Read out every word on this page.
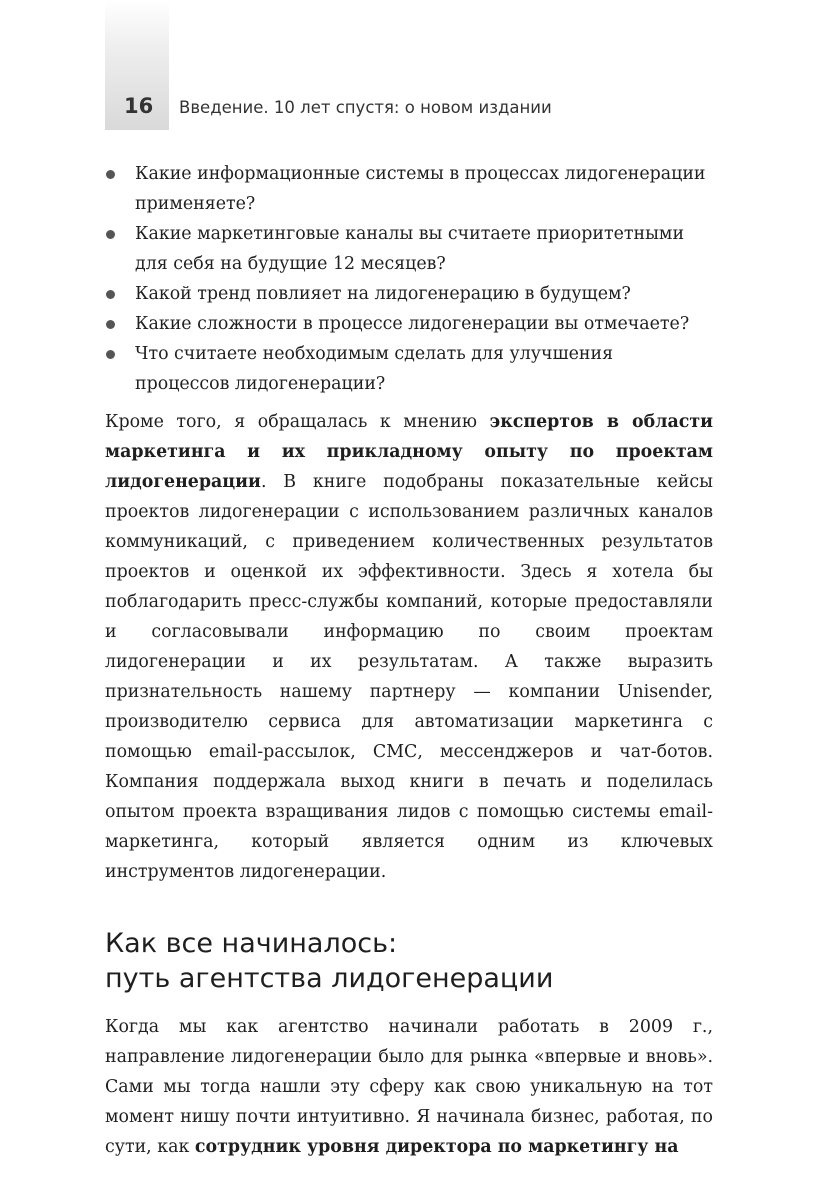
16 Введение. 10 лет спустя: о новом издании
Какие информационные системы в процессах лидогенерации применяете?
Какие маркетинговые каналы вы считаете приоритетными для себя на будущие 12 месяцев?
Какой тренд повлияет на лидогенерацию в будущем?
Какие сложности в процессе лидогенерации вы отмечаете?
Что считаете необходимым сделать для улучшения процессов лидогенерации?

Кроме того, я обращалась к мнению экспертов в области маркетинга и их прикладному опыту по проектам лидогенерации. В книге подобраны показательные кейсы проектов лидогенерации с использованием различных каналов коммуникаций, с приведением количественных результатов проектов и оценкой их эффективности. Здесь я хотела бы поблагодарить пресс-службы компаний, которые предоставляли и согласовывали информацию по своим проектам лидогенерации и их результатам. А также выразить признательность нашему партнеру — компании Unisender, производителю сервиса для автоматизации маркетинга с помощью email-рассылок, СМС, мессенджеров и чат-ботов. Компания поддержала выход книги в печать и поделилась опытом проекта взращивания лидов с помощью системы email-маркетинга, который является одним из ключевых инструментов лидогенерации.

Как все начиналось:
путь агентства лидогенерации

Когда мы как агентство начинали работать в 2009 г., направление лидогенерации было для рынка «впервые и вновь». Сами мы тогда нашли эту сферу как свою уникальную на тот момент нишу почти интуитивно. Я начинала бизнес, работая, по сути, как сотрудник уровня директора по маркетингу на
